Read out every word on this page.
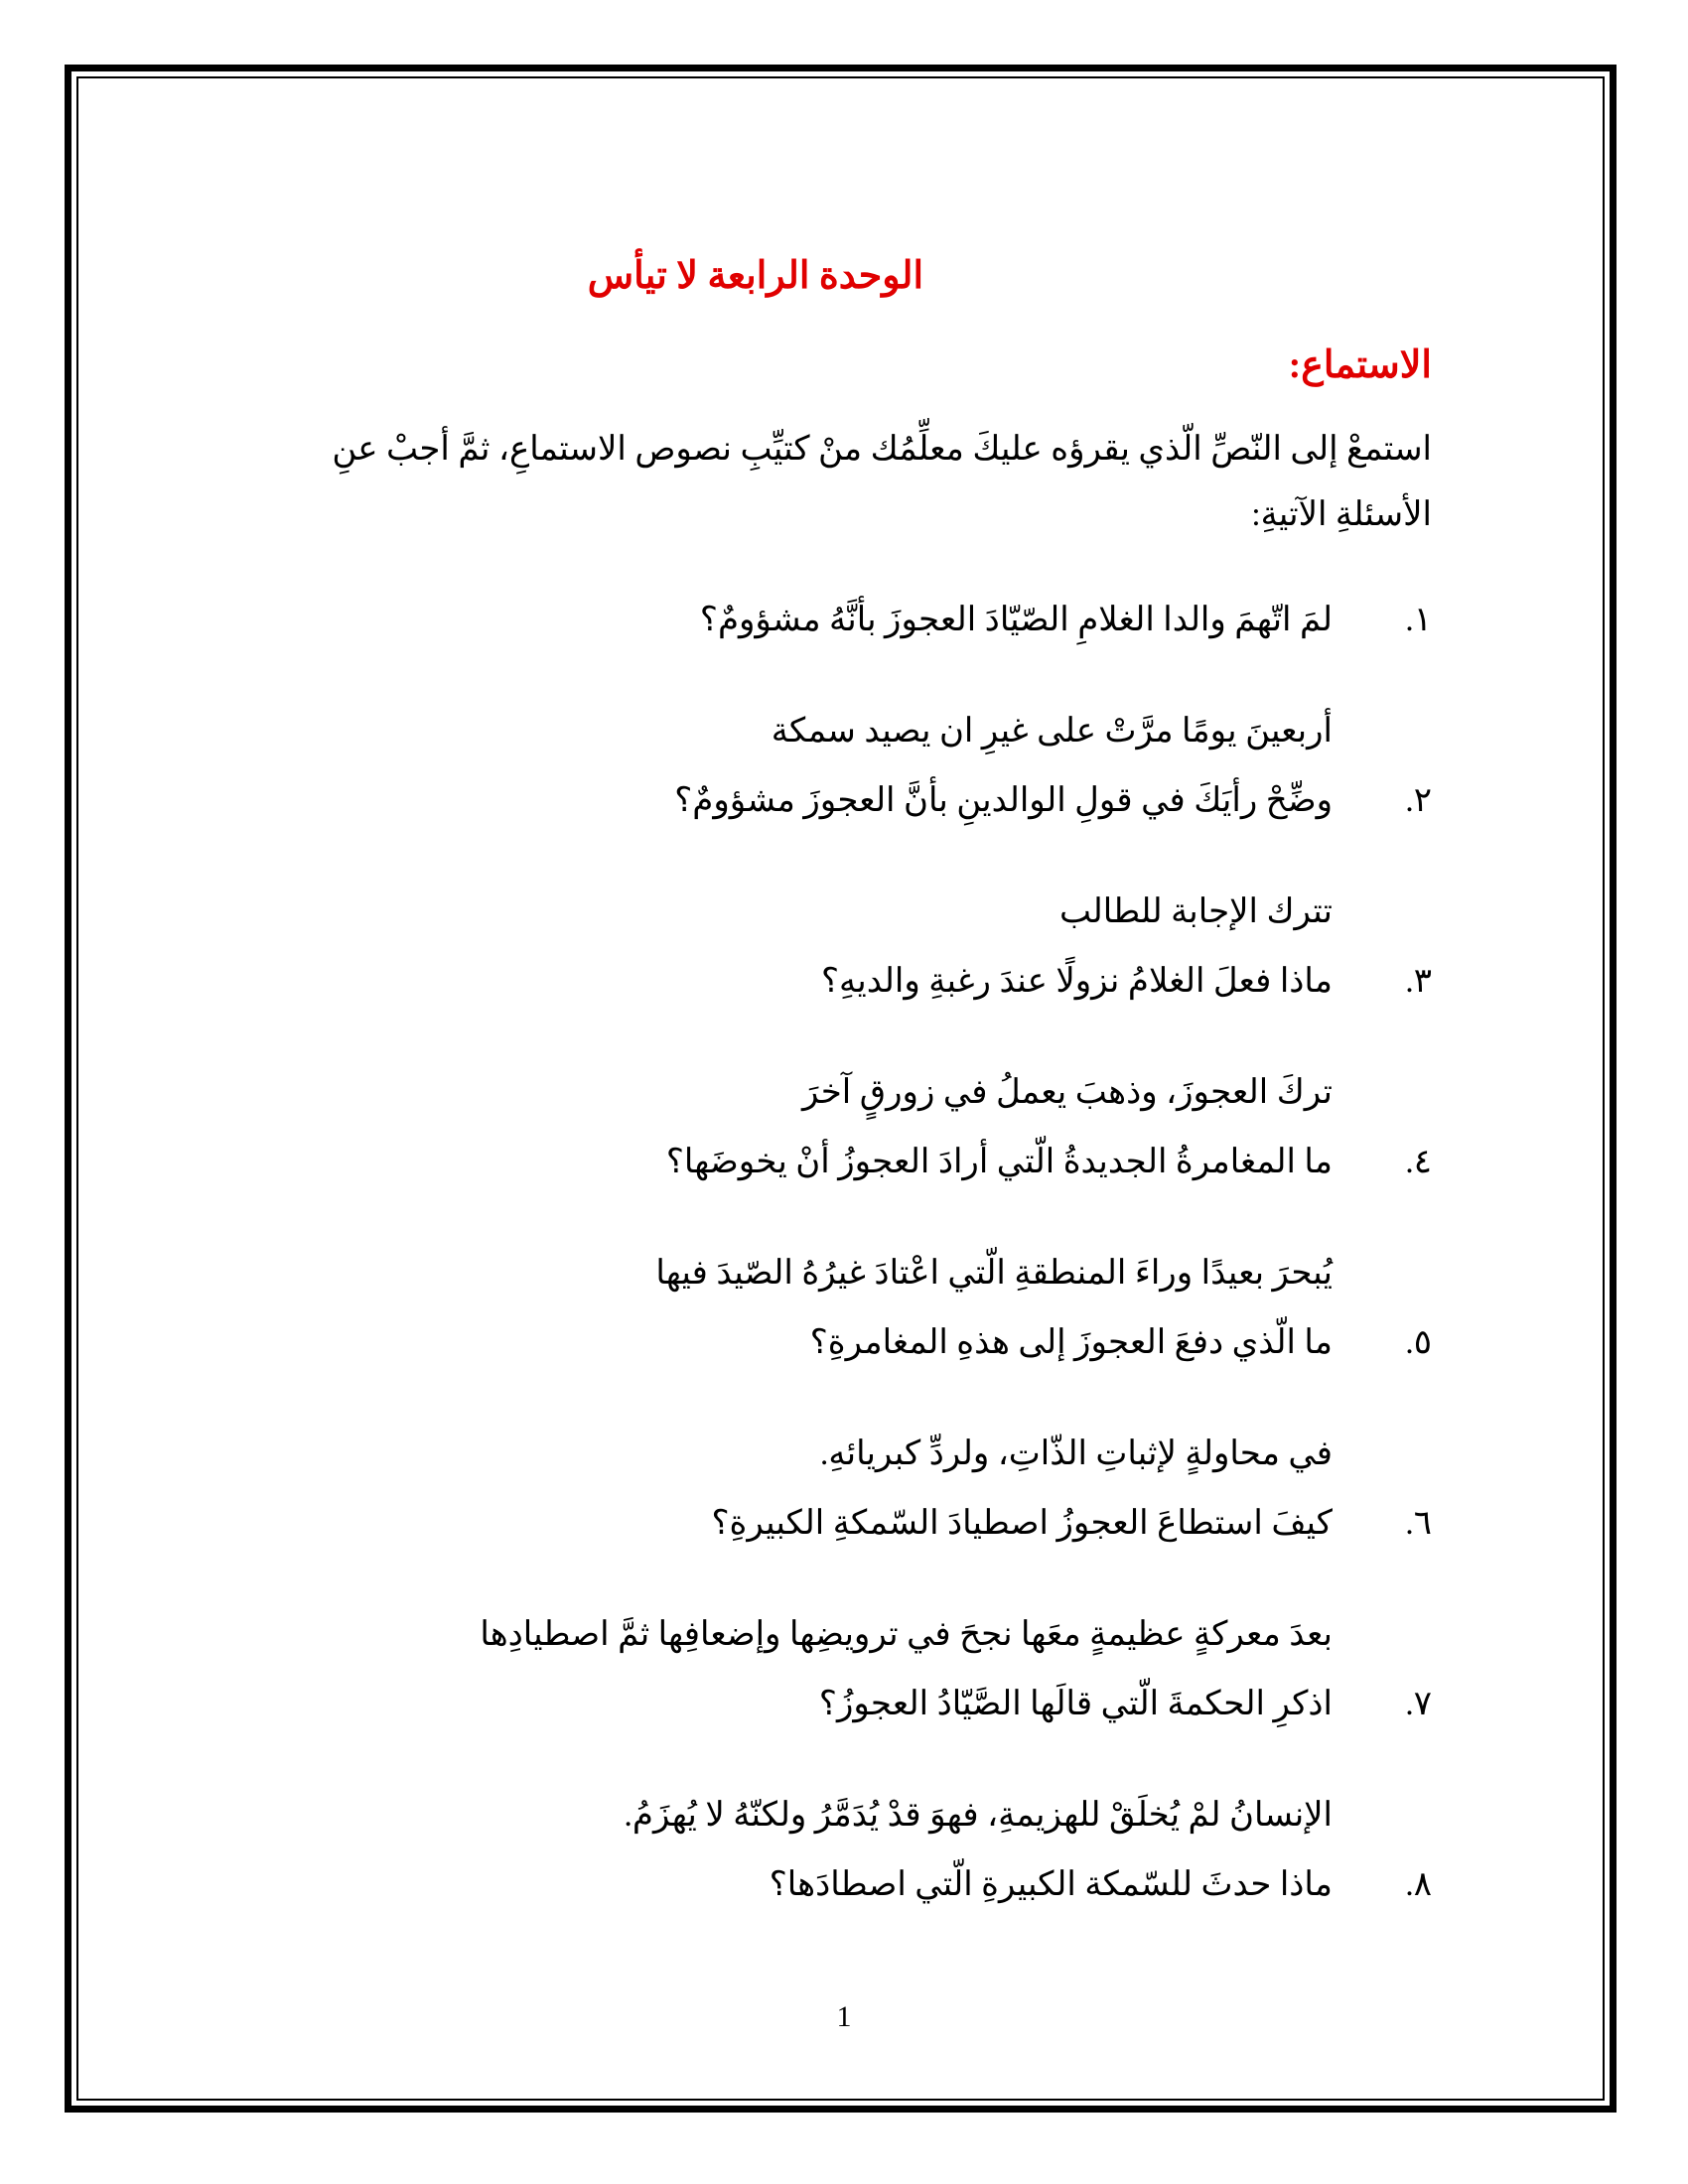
الوحدة الرابعة لا تيأس
الاستماع:

استمعْ إلى النّصِّ الّذي يقرؤه عليكَ معلِّمُك منْ كتيِّبِ نصوص الاستماعِ، ثمَّ أجبْ عنِ الأسئلةِ الآتيةِ:

١.
لمَ اتّهمَ والدا الغلامِ الصّيّادَ العجوزَ بأنَّهُ مشؤومٌ؟
أربعينَ يومًا مرَّتْ على غيرِ ان يصيد سمكة
٢.
وضِّحْ رأيَكَ في قولِ الوالدينِ بأنَّ العجوزَ مشؤومٌ؟
تترك الإجابة للطالب
٣.
ماذا فعلَ الغلامُ نزولًا عندَ رغبةِ والديهِ؟
تركَ العجوزَ، وذهبَ يعملُ في زورقٍ آخرَ
٤.
ما المغامرةُ الجديدةُ الّتي أرادَ العجوزُ أنْ يخوضَها؟
يُبحرَ بعيدًا وراءَ المنطقةِ الّتي اعْتادَ غيرُهُ الصّيدَ فيها
٥.
ما الّذي دفعَ العجوزَ إلى هذهِ المغامرةِ؟
في محاولةٍ لإثباتِ الذّاتِ، ولردِّ كبريائهِ.
٦.
كيفَ استطاعَ العجوزُ اصطيادَ السّمكةِ الكبيرةِ؟
بعدَ معركةٍ عظيمةٍ معَها نجحَ في ترويضِها وإضعافِها ثمَّ اصطيادِها
٧.
اذكرِ الحكمةَ الّتي قالَها الصَّيّادُ العجوزُ؟
الإنسانُ لمْ يُخلَقْ للهزيمةِ، فهوَ قدْ يُدَمَّرُ ولكنّهُ لا يُهزَمُ.
٨.
ماذا حدثَ للسّمكة الكبيرةِ الّتي اصطادَها؟

1
